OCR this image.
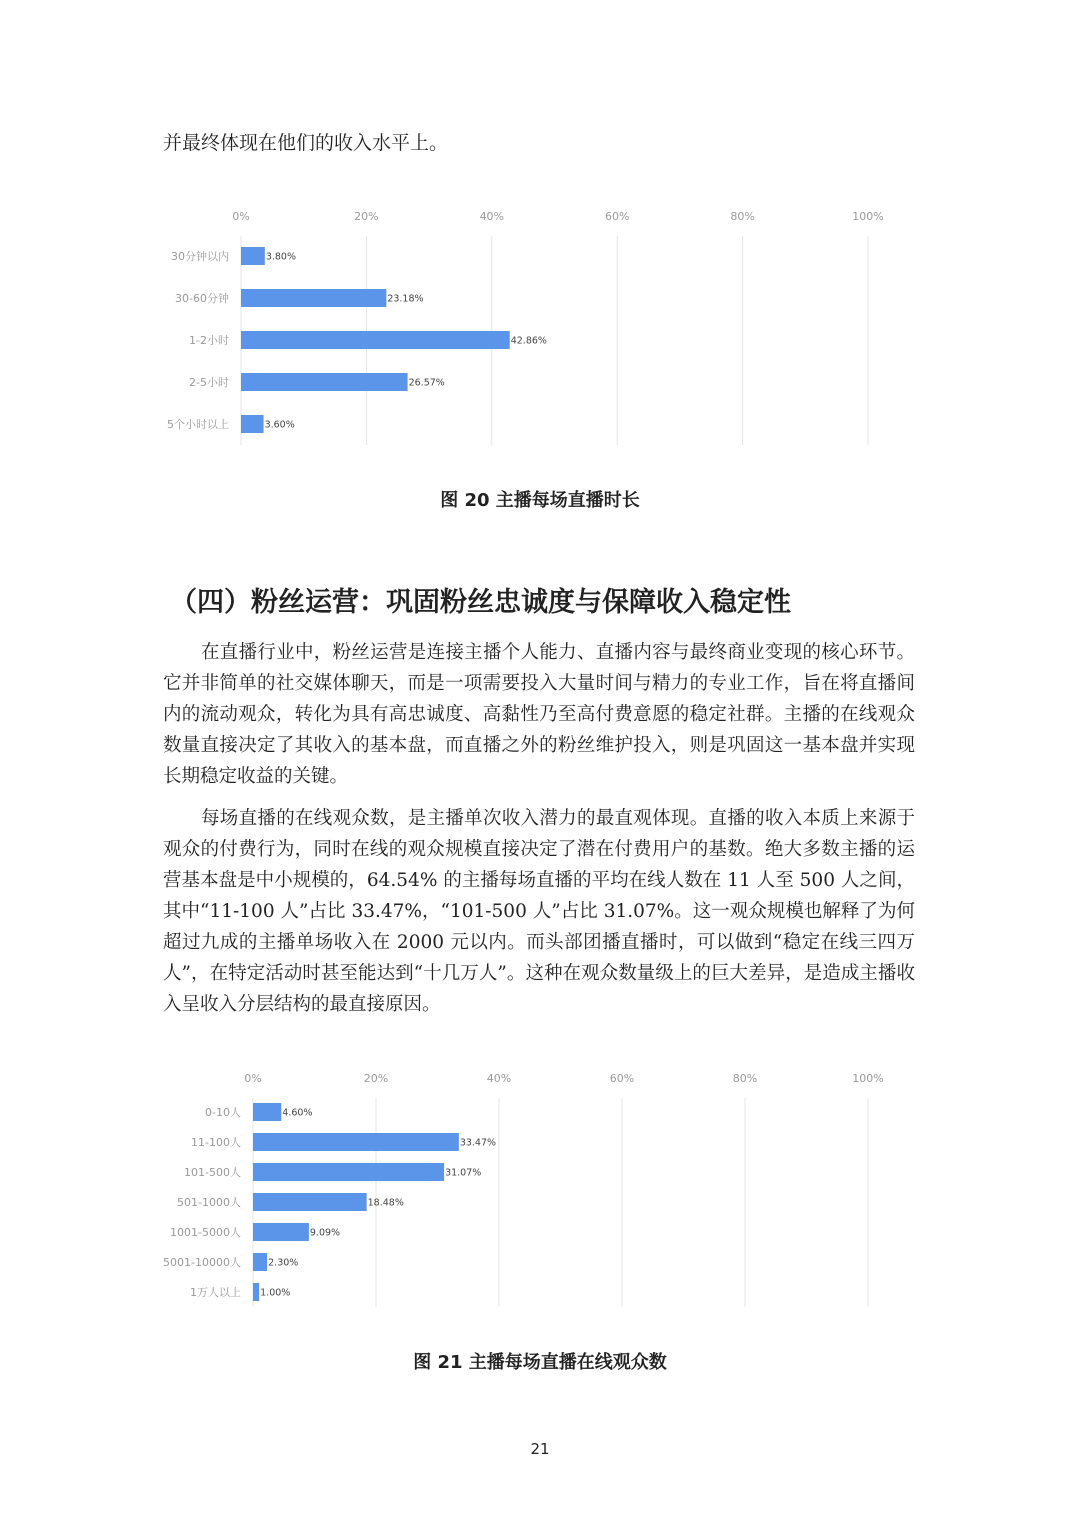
并最终体现在他们的收入水平上。

0%	20%	40%	60%	80%	100%
30分钟以内	3.80%
30-60分钟	23.18%
1-2小时	42.86%
2-5小时	26.57%
5个小时以上	3.60%

图 20 主播每场直播时长

（四）粉丝运营：巩固粉丝忠诚度与保障收入稳定性

在直播行业中，粉丝运营是连接主播个人能力、直播内容与最终商业变现的核心环节。它并非简单的社交媒体聊天，而是一项需要投入大量时间与精力的专业工作，旨在将直播间内的流动观众，转化为具有高忠诚度、高黏性乃至高付费意愿的稳定社群。主播的在线观众数量直接决定了其收入的基本盘，而直播之外的粉丝维护投入，则是巩固这一基本盘并实现长期稳定收益的关键。

每场直播的在线观众数，是主播单次收入潜力的最直观体现。直播的收入本质上来源于观众的付费行为，同时在线的观众规模直接决定了潜在付费用户的基数。绝大多数主播的运营基本盘是中小规模的，64.54% 的主播每场直播的平均在线人数在 11 人至 500 人之间，其中“11-100 人”占比 33.47%，“101-500 人”占比 31.07%。这一观众规模也解释了为何超过九成的主播单场收入在 2000 元以内。而头部团播直播时，可以做到“稳定在线三四万人”，在特定活动时甚至能达到“十几万人”。这种在观众数量级上的巨大差异，是造成主播收入呈收入分层结构的最直接原因。

0%	20%	40%	60%	80%	100%
0-10人	4.60%
11-100人	33.47%
101-500人	31.07%
501-1000人	18.48%
1001-5000人	9.09%
5001-10000人	2.30%
1万人以上 1.00%

图 21 主播每场直播在线观众数

21
